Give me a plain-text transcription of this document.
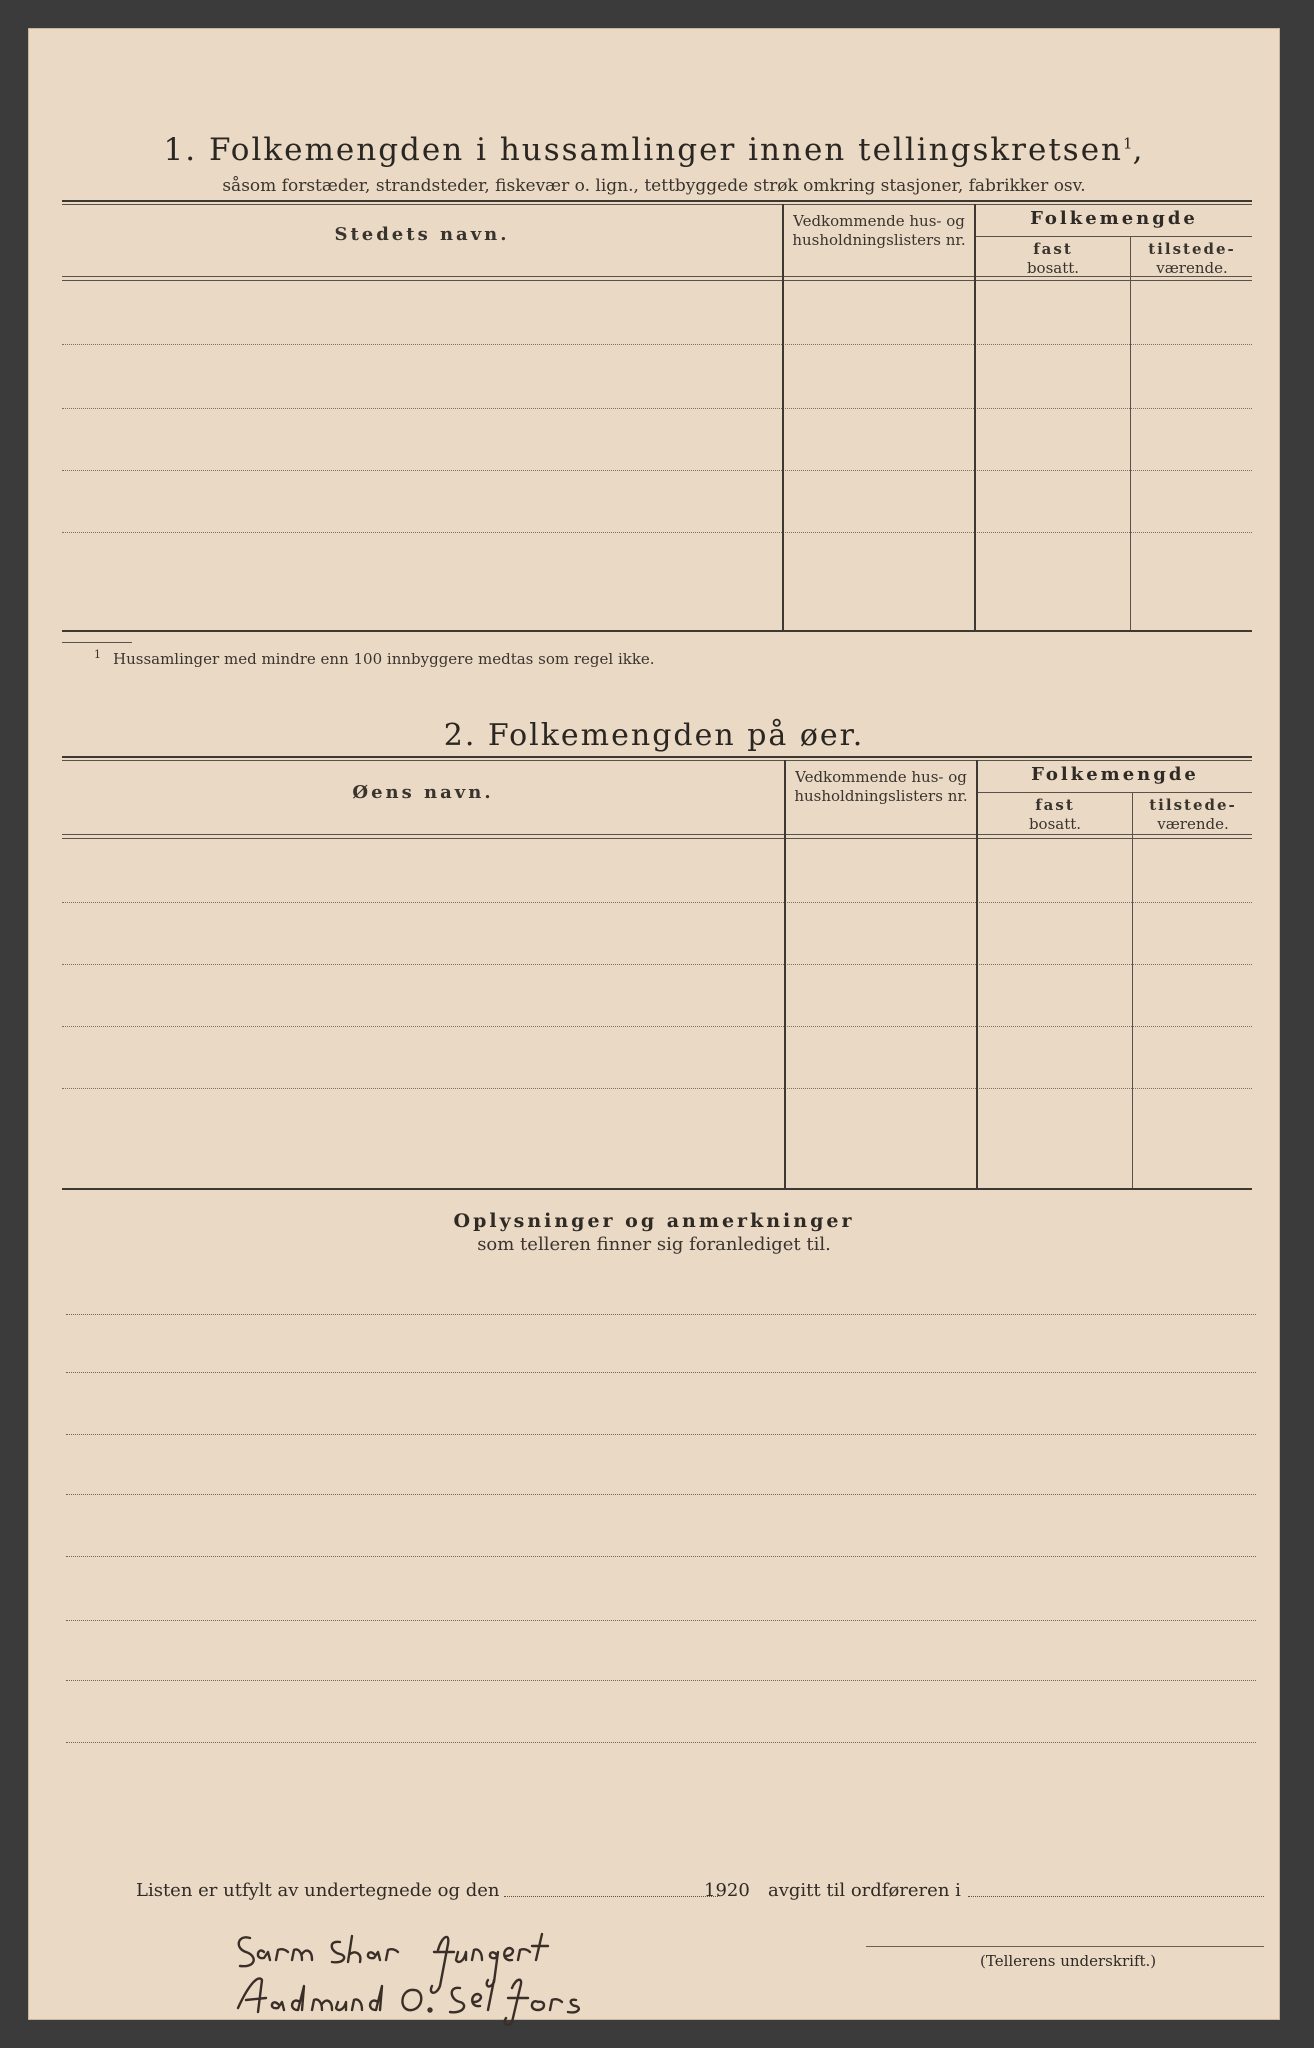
1. Folkemengden i hussamlinger innen tellingskretsen$^1$,
såsom forstæder, strandsteder, fiskevær o. lign., tettbyggede strøk omkring stasjoner, fabrikker osv.
Stedets navn.
Vedkommende hus- og husholdningslisters nr.
Folkemengde
fast
bosatt.
tilstede-
værende.
$^1$ Hussamlinger med mindre enn 100 innbyggere medtas som regel ikke.
2. Folkemengden på øer.
Øens navn.
Vedkommende hus- og husholdningslisters nr.
Folkemengde
fast
bosatt.
tilstede-
værende.
Oplysninger og anmerkninger
som telleren finner sig foranlediget til.
Listen er utfylt av undertegnede og den	1920 avgitt til ordføreren i
(Tellerens underskrift.)
